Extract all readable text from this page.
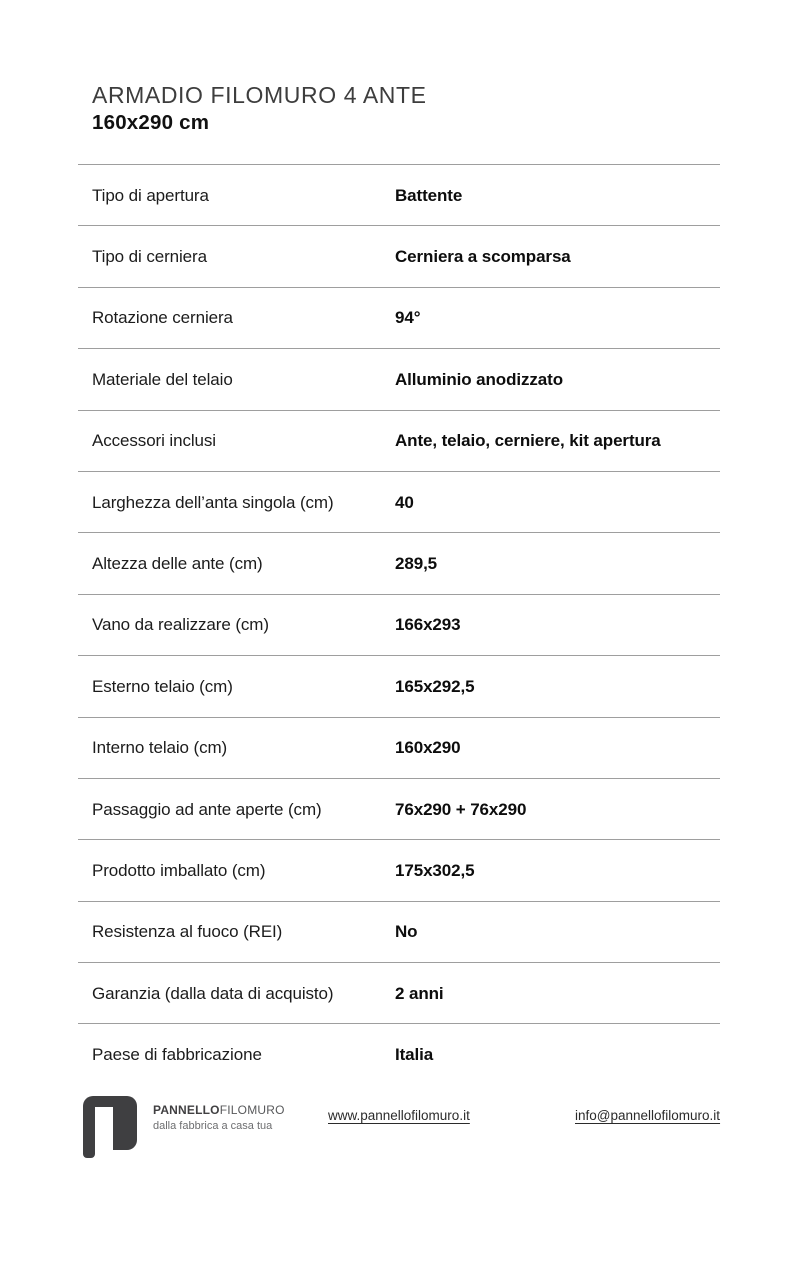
ARMADIO FILOMURO 4 ANTE
160x290 cm
Tipo di apertura	Battente
Tipo di cerniera	Cerniera a scomparsa
Rotazione cerniera	94°
Materiale del telaio	Alluminio anodizzato
Accessori inclusi	Ante, telaio, cerniere, kit apertura
Larghezza dell’anta singola (cm)	40
Altezza delle ante (cm)	289,5
Vano da realizzare (cm)	166x293
Esterno telaio (cm)	165x292,5
Interno telaio (cm)	160x290
Passaggio ad ante aperte (cm)	76x290 + 76x290
Prodotto imballato (cm)	175x302,5
Resistenza al fuoco (REI)	No
Garanzia (dalla data di acquisto)	2 anni
Paese di fabbricazione	Italia
PANNELLOFILOMURO
dalla fabbrica a casa tua
www.pannellofilomuro.it	info@pannellofilomuro.it
